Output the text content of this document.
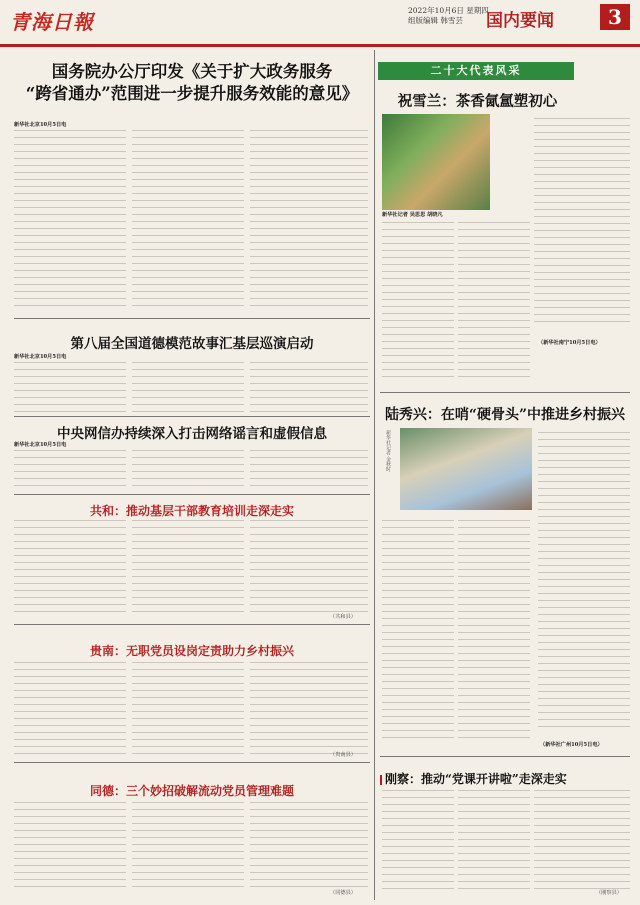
青海日報	2022年10月6日 星期四
组版编辑 韩雪芸	国内要闻	3
国务院办公厅印发《关于扩大政务服务
“跨省通办”范围进一步提升服务效能的意见》
新华社北京10月5日电
第八届全国道德模范故事汇基层巡演启动
新华社北京10月5日电
中央网信办持续深入打击网络谣言和虚假信息
新华社北京10月5日电
共和：推动基层干部教育培训走深走实
（共和县）
贵南：无职党员设岗定责助力乡村振兴
（贵南县）
同德：三个妙招破解流动党员管理难题
（同德县）
二十大代表风采
祝雪兰：茶香氤氲塑初心
新华社记者 吴思思 胡晓凡
（新华社南宁10月5日电）
陆秀兴：在哨“硬骨头”中推进乡村振兴
新华社记者 金秋时
（新华社广州10月5日电）
刚察：推动“党课开讲啦”走深走实
（刚察县）
